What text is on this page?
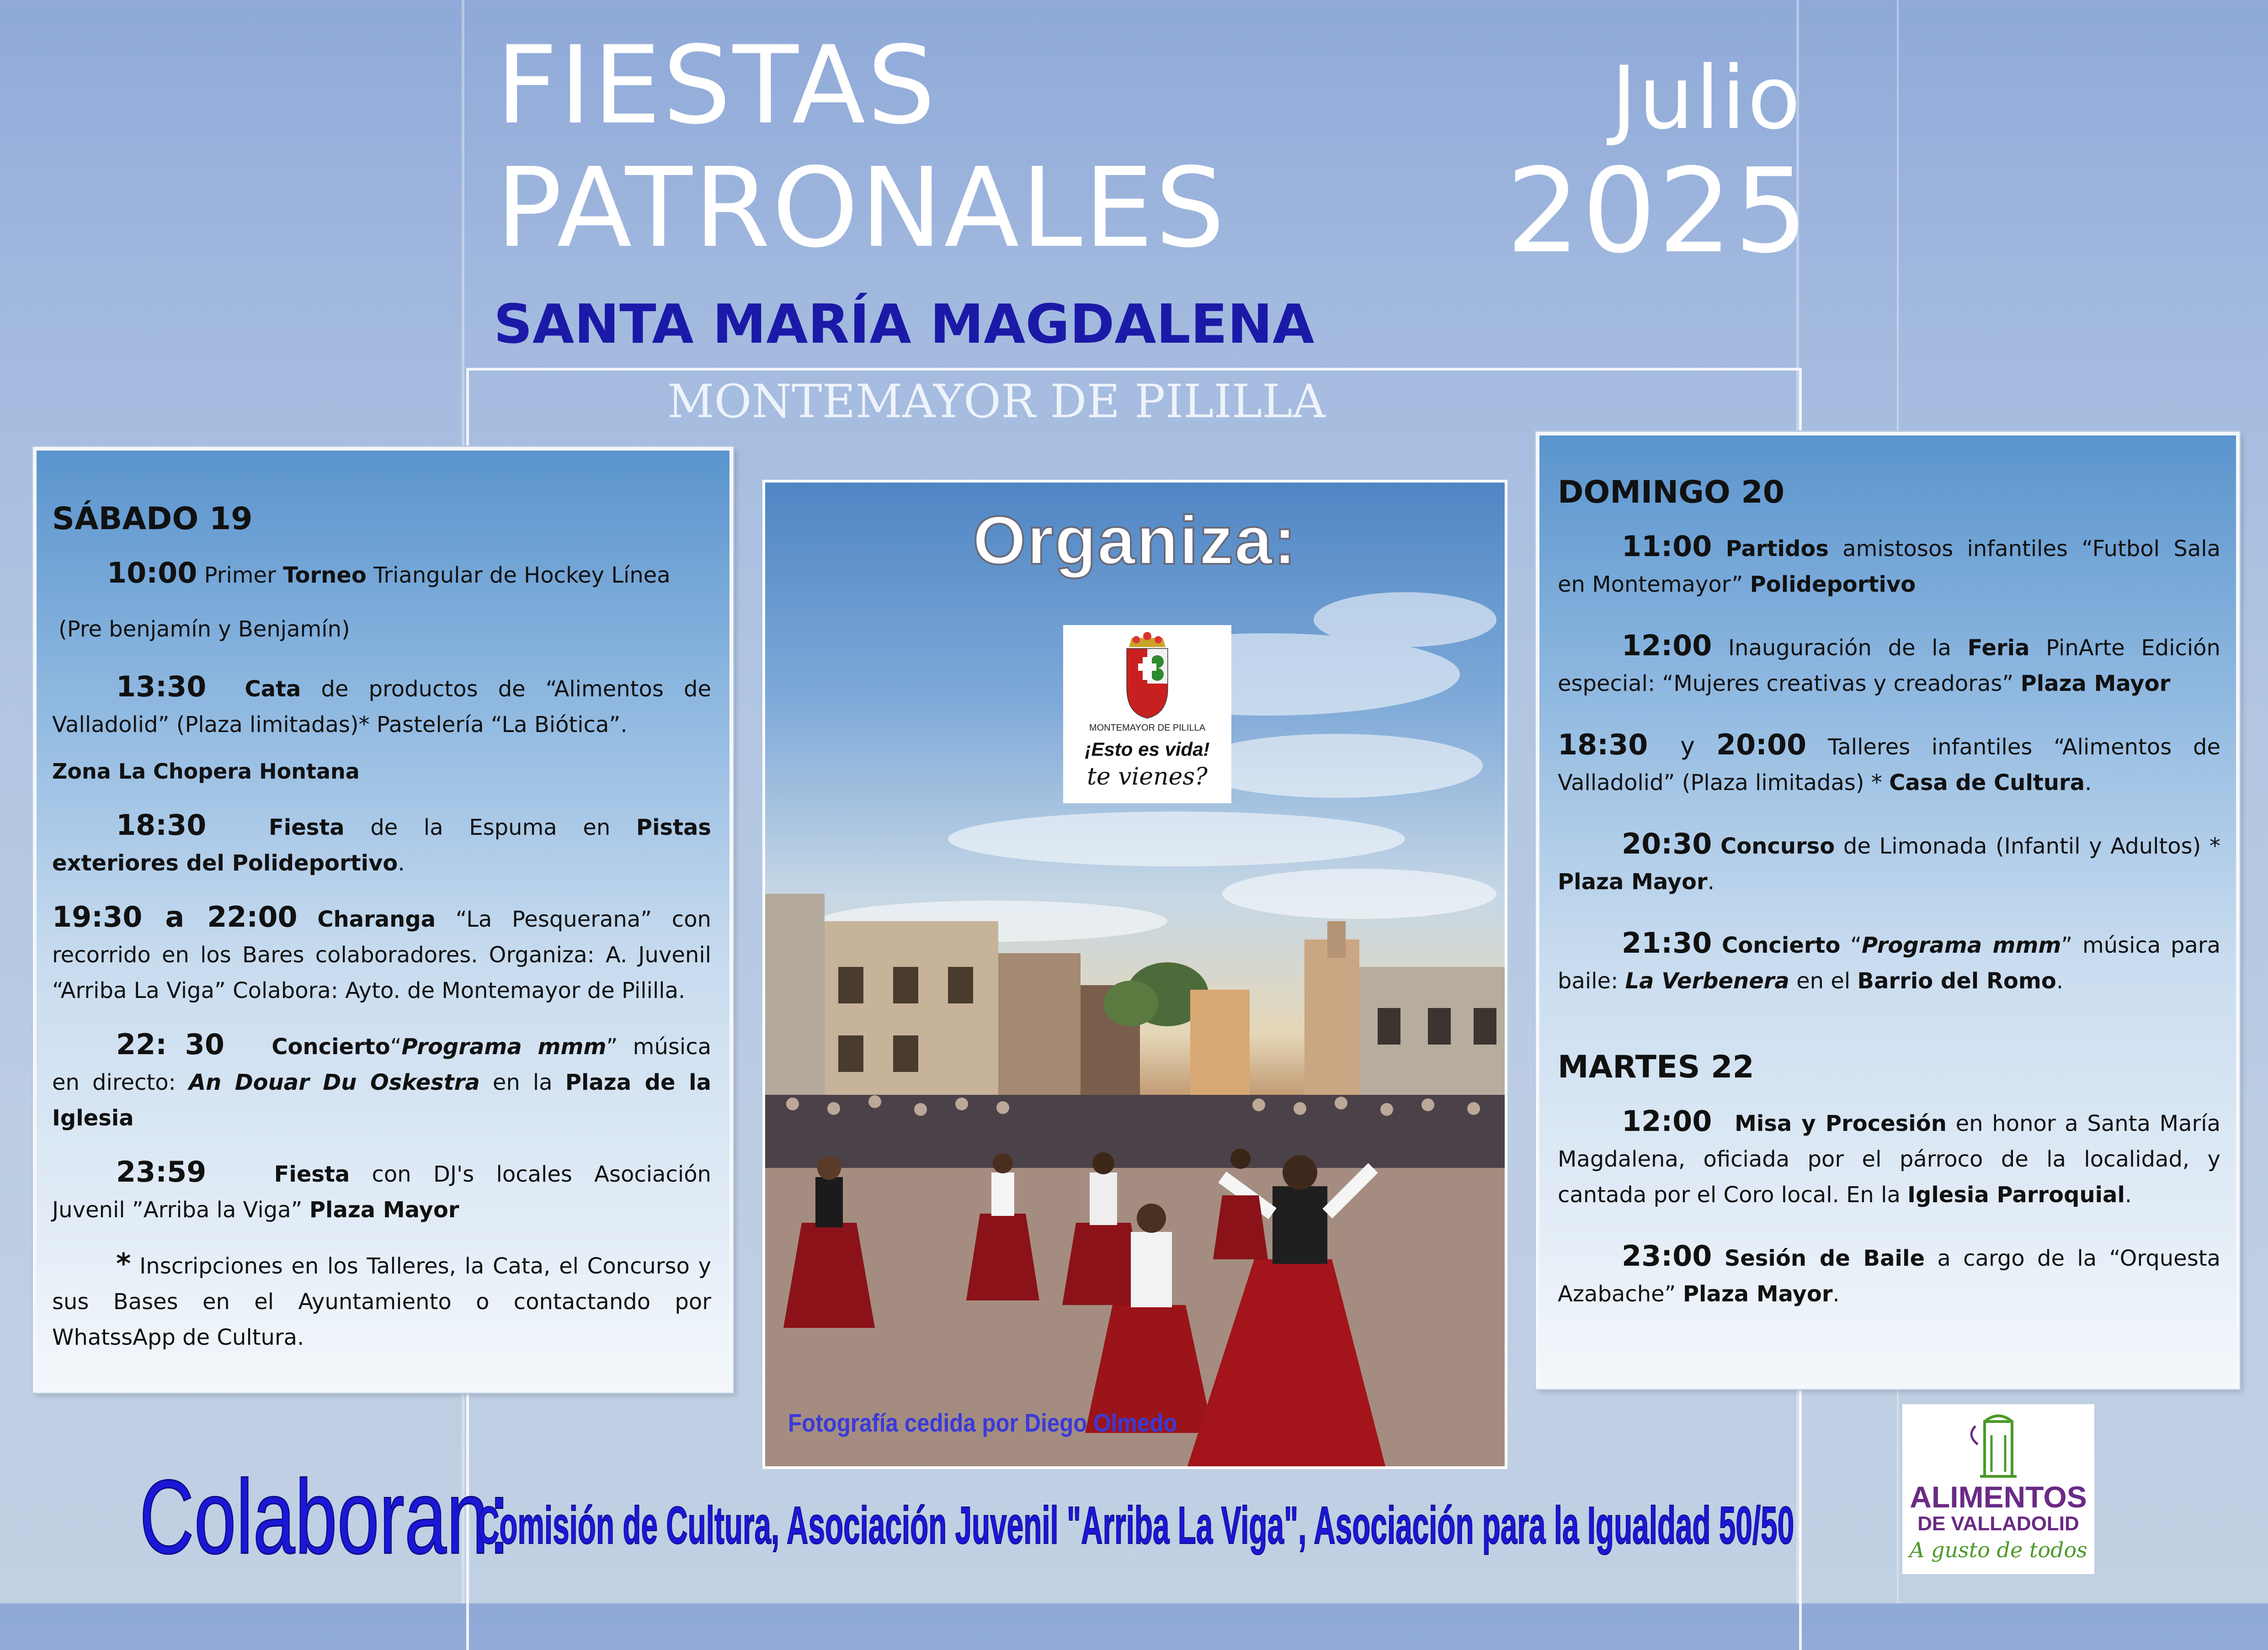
FIESTAS
PATRONALES
Julio
2025
SANTA MARÍA MAGDALENA
MONTEMAYOR DE PILILLA
SÁBADO 19

10:00 Primer Torneo Triangular de Hockey Línea

(Pre benjamín y Benjamín)

13:30 Cata de productos de “Alimentos de Valladolid” (Plaza limitadas)* Pastelería “La Biótica”.

Zona La Chopera Hontana

18:30	Fiesta de la Espuma en Pistas exteriores del Polideportivo.

19:30 a 22:00 Charanga “La Pesquerana” con recorrido en los Bares colaboradores. Organiza: A. Juvenil “Arriba La Viga” Colabora: Ayto. de Montemayor de Pililla.

22: 30 Concierto“Programa mmm” música en directo: An Douar Du Oskestra en la Plaza de la Iglesia

23:59	Fiesta con DJ's locales Asociación Juvenil ”Arriba la Viga” Plaza Mayor

* Inscripciones en los Talleres, la Cata, el Concurso y sus Bases en el Ayuntamiento o contactando por WhatssApp de Cultura.

Organiza:
MONTEMAYOR DE PILILLA
¡Esto es vida!
te vienes?
Fotografía cedida por Diego Olmedo
DOMINGO 20

11:00 Partidos amistosos infantiles “Futbol Sala en Montemayor” Polideportivo

12:00 Inauguración de la Feria PinArte Edición especial: “Mujeres creativas y creadoras” Plaza Mayor

18:30 y 20:00 Talleres infantiles “Alimentos de Valladolid” (Plaza limitadas) * Casa de Cultura.

20:30 Concurso de Limonada (Infantil y Adultos) * Plaza Mayor.

21:30 Concierto “Programa mmm” música para baile: La Verbenera en el Barrio del Romo.

MARTES 22

12:00 Misa y Procesión en honor a Santa María Magdalena, oficiada por el párroco de la localidad, y cantada por el Coro local. En la Iglesia Parroquial.

23:00 Sesión de Baile a cargo de la “Orquesta Azabache” Plaza Mayor.

Colaboran:
Comisión de Cultura, Asociación Juvenil "Arriba La Viga", Asociación para la Igualdad 50/50	ALIMENTOS
DE VALLADOLID
A gusto de todos
